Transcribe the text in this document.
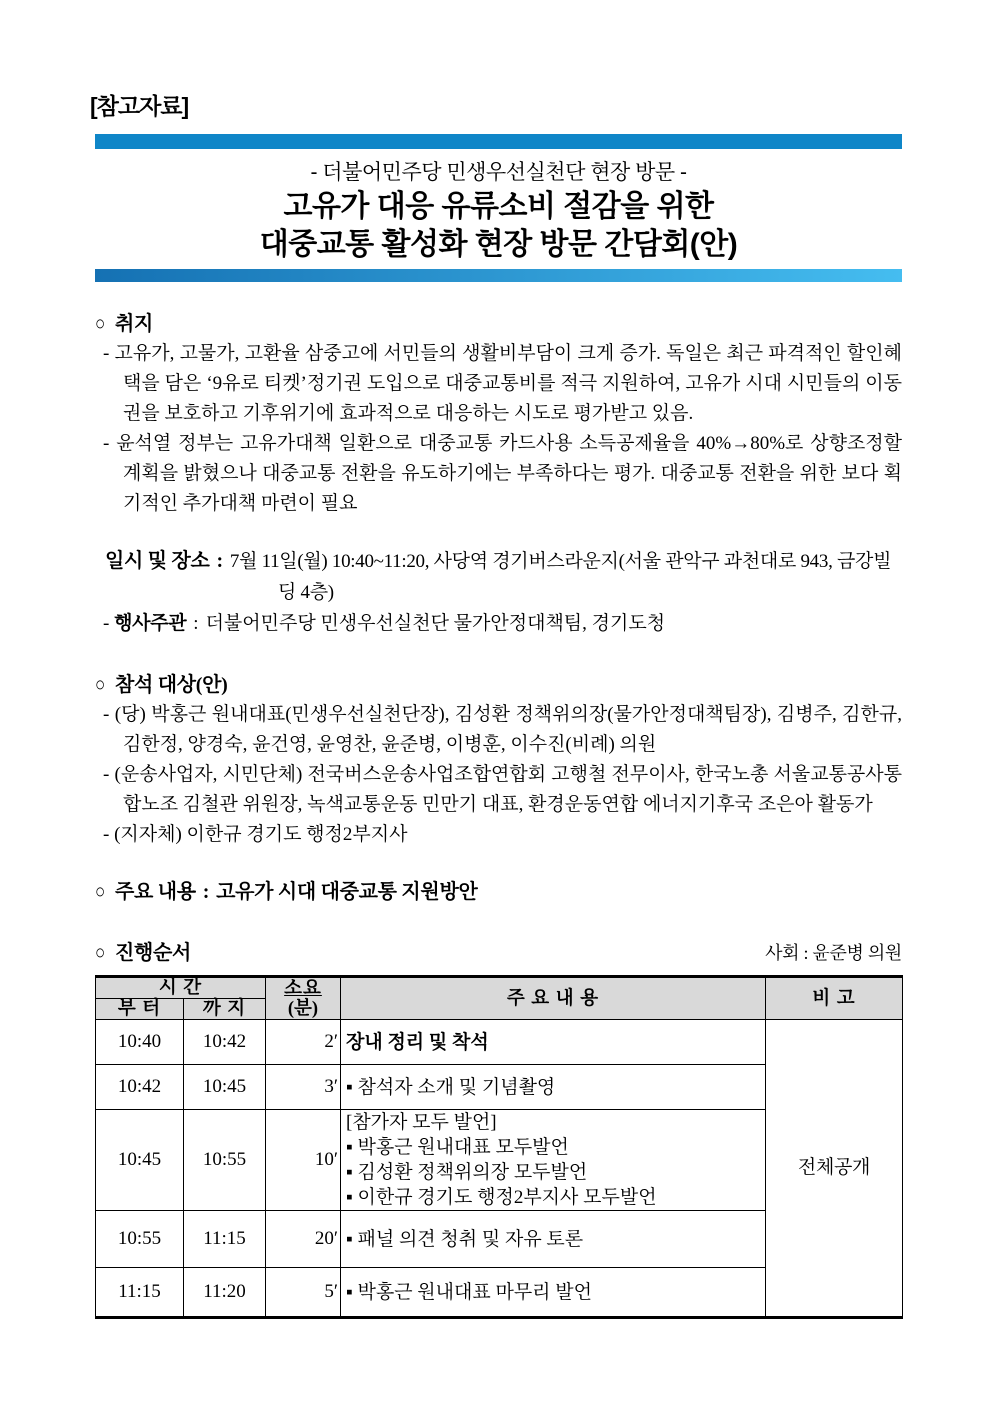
[참고자료]
- 더불어민주당 민생우선실천단 현장 방문 -
고유가 대응 유류소비 절감을 위한
대중교통 활성화 현장 방문 간담회(안)
○ 취지
- 고유가, 고물가, 고환율 삼중고에 서민들의 생활비부담이 크게 증가. 독일은 최근 파격적인 할인혜택을 담은 ‘9유로 티켓’정기권 도입으로 대중교통비를 적극 지원하여, 고유가 시대 시민들의 이동권을 보호하고 기후위기에 효과적으로 대응하는 시도로 평가받고 있음.
- 윤석열 정부는 고유가대책 일환으로 대중교통 카드사용 소득공제율을 40%→80%로 상향조정할 계획을 밝혔으나 대중교통 전환을 유도하기에는 부족하다는 평가. 대중교통 전환을 위한 보다 획기적인 추가대책 마련이 필요
일시 및 장소 : 7월 11일(월) 10:40~11:20, 사당역 경기버스라운지(서울 관악구 과천대로 943, 금강빌딩 4층)
- 행사주관 : 더불어민주당 민생우선실천단 물가안정대책팀, 경기도청
○ 참석 대상(안)
- (당) 박홍근 원내대표(민생우선실천단장), 김성환 정책위의장(물가안정대책팀장), 김병주, 김한규, 김한정, 양경숙, 윤건영, 윤영찬, 윤준병, 이병훈, 이수진(비례) 의원
- (운송사업자, 시민단체) 전국버스운송사업조합연합회 고행철 전무이사, 한국노총 서울교통공사통합노조 김철관 위원장, 녹색교통운동 민만기 대표, 환경운동연합 에너지기후국 조은아 활동가
- (지자체) 이한규 경기도 행정2부지사
○ 주요 내용 : 고유가 시대 대중교통 지원방안
○ 진행순서	사회 : 윤준병 의원
시 간		소요
(분)	주 요 내 용	비 고
부 터	까 지			
10:40	10:42	2′	장내 정리 및 착석	전체공개
10:42	10:45	3′	▪ 참석자 소개 및 기념촬영	

10:45	10:55	10′	[참가자 모두 발언]
▪ 박홍근 원내대표 모두발언
▪ 김성환 정책위의장 모두발언
▪ 이한규 경기도 행정2부지사 모두발언	

10:55	11:15	20′	▪ 패널 의견 청취 및 자유 토론	

11:15	11:20	5′	▪ 박홍근 원내대표 마무리 발언	
